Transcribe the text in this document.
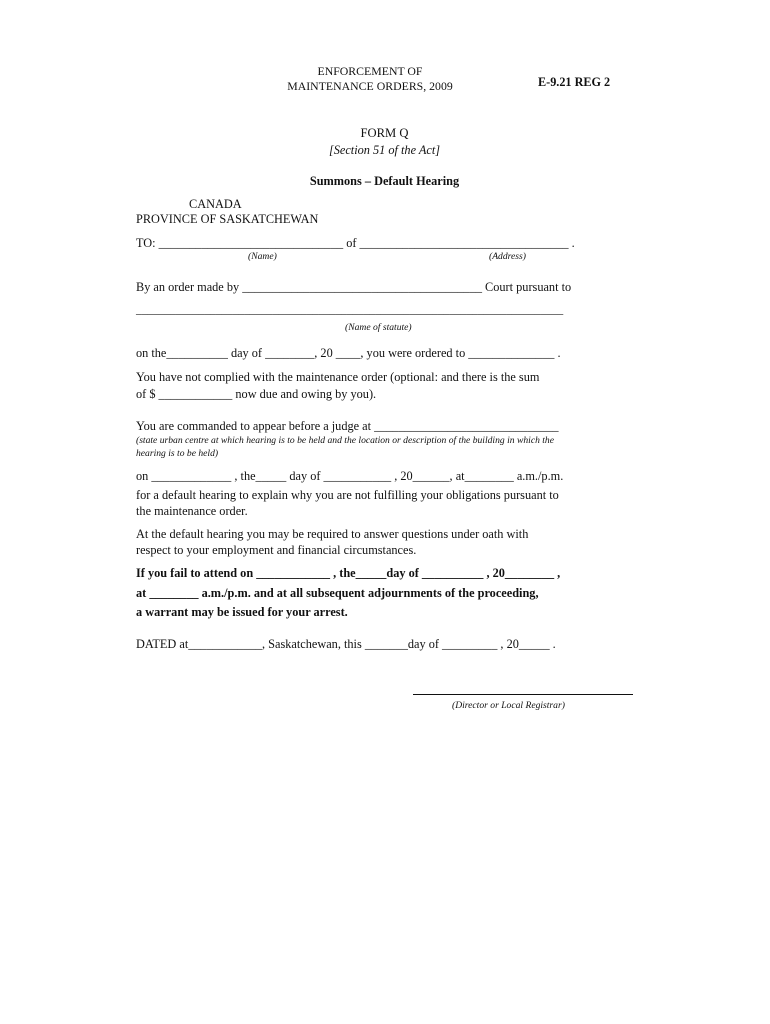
ENFORCEMENT OF
MAINTENANCE ORDERS, 2009	E-9.21 REG 2
FORM Q
[Section 51 of the Act]
Summons – Default Hearing
CANADA
PROVINCE OF SASKATCHEWAN
TO: ______________________________ of __________________________________ .
(Name)	(Address)
By an order made by _______________________________________ Court pursuant to
___________________________________________________________________________
(Name of statute)
on the__________ day of ________, 20 ____, you were ordered to ______________ .
You have not complied with the maintenance order (optional: and there is the sum
of $ ____________ now due and owing by you).
You are commanded to appear before a judge at ______________________________
(state urban centre at which hearing is to be held and the location or description of the building in which the
hearing is to be held)
on _____________ , the_____ day of ___________ , 20______, at________ a.m./p.m.
for a default hearing to explain why you are not fulfilling your obligations pursuant to
the maintenance order.
At the default hearing you may be required to answer questions under oath with
respect to your employment and financial circumstances.
If you fail to attend on ____________ , the_____day of __________ , 20________ ,
at ________ a.m./p.m. and at all subsequent adjournments of the proceeding,
a warrant may be issued for your arrest.
DATED at____________, Saskatchewan, this _______day of _________ , 20_____ .
(Director or Local Registrar)
